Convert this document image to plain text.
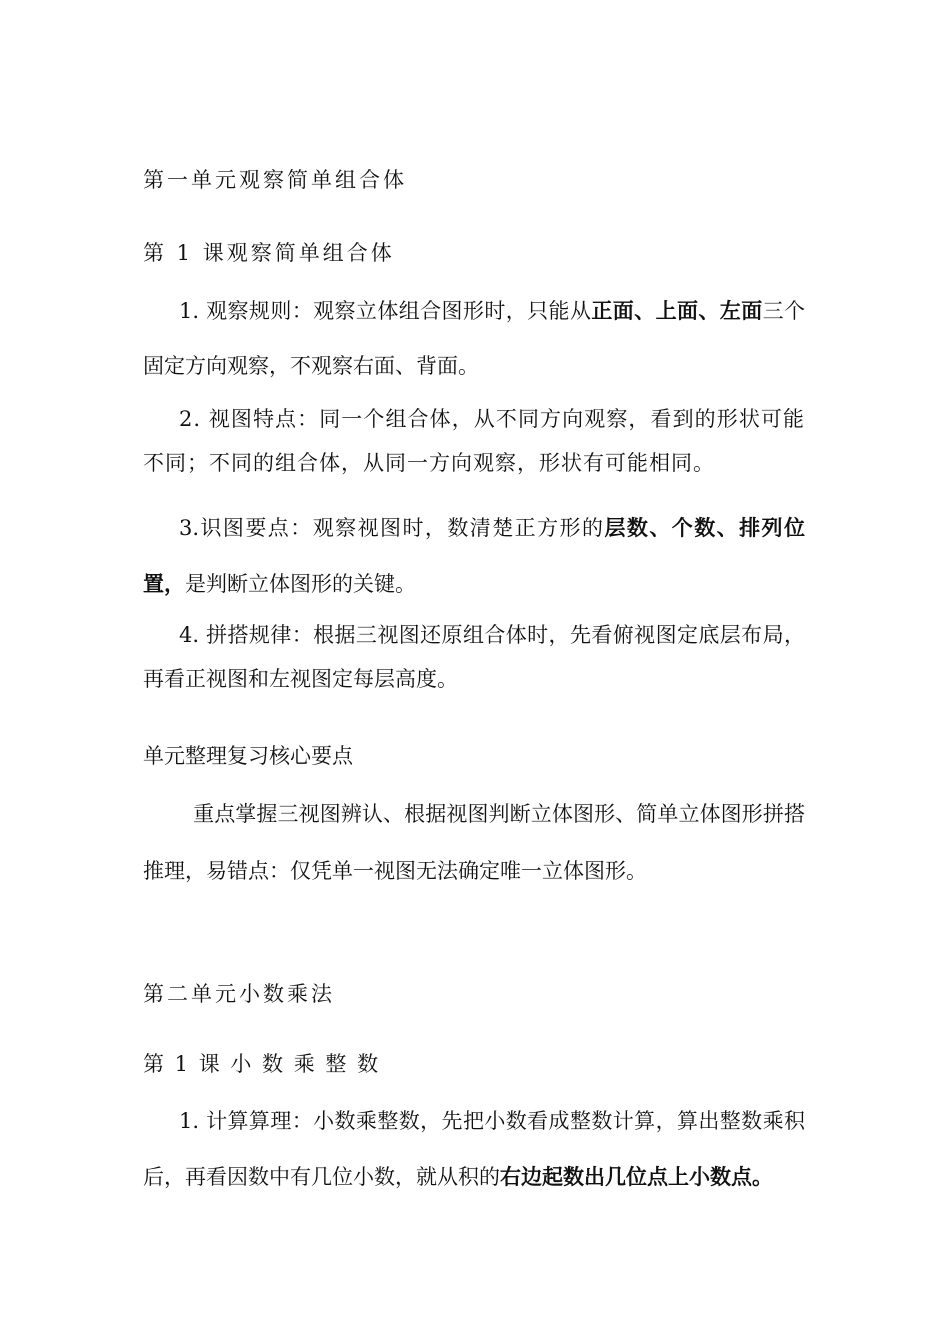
第一单元观察简单组合体
第 1 课观察简单组合体
1. 观察规则：观察立体组合图形时，只能从正面、上面、左面三个固定方向观察，不观察右面、背面。
2. 视图特点：同一个组合体，从不同方向观察，看到的形状可能不同；不同的组合体，从同一方向观察，形状有可能相同。
3.识图要点：观察视图时，数清楚正方形的层数、个数、排列位置，是判断立体图形的关键。
4. 拼搭规律：根据三视图还原组合体时，先看俯视图定底层布局，再看正视图和左视图定每层高度。
单元整理复习核心要点
重点掌握三视图辨认、根据视图判断立体图形、简单立体图形拼搭推理，易错点：仅凭单一视图无法确定唯一立体图形。
第二单元小数乘法
第 1 课 小 数 乘 整 数
1. 计算算理：小数乘整数，先把小数看成整数计算，算出整数乘积后，再看因数中有几位小数，就从积的右边起数出几位点上小数点。
